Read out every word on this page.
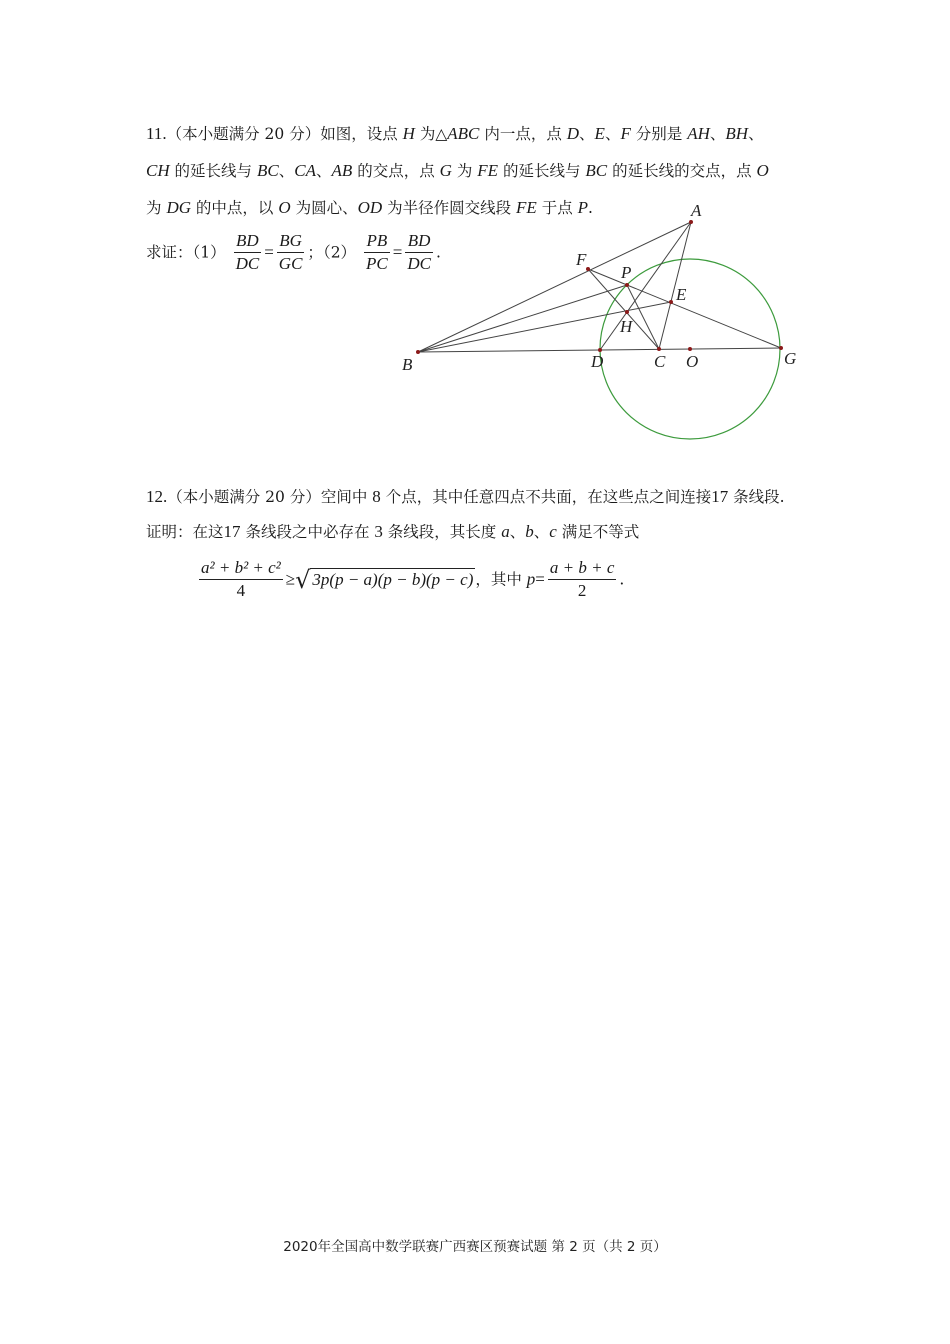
11.（本小题满分 20 分）如图，设点 H 为△ABC 内一点，点 D、E、F 分别是 AH、BH、
CH 的延长线与 BC、CA、AB 的交点，点 G 为 FE 的延长线与 BC 的延长线的交点，点 O
为 DG 的中点，以 O 为圆心、OD 为半径作圆交线段 FE 于点 P.
求证：$(1) \frac{BD}{DC} = \frac{BG}{GC}$ ；$(2) \frac{PB}{PC} = \frac{BD}{DC}$ .
A
F
P
E
H
B	D	C O	G
12.（本小题满分 20 分）空间中 8 个点，其中任意四点不共面，在这些点之间连接17 条线段.
证明：在这17 条线段之中必存在 3 条线段，其长度 a、b、c 满足不等式
$\frac{\text{a² + b² + c²}}{4}$ ≥√ 3p(p − a)(p − b)(p − c) ，其中 $p= \frac{a + b + c}{2}$ .
2020年全国高中数学联赛广西赛区预赛试题 第 2 页（共 2 页）
